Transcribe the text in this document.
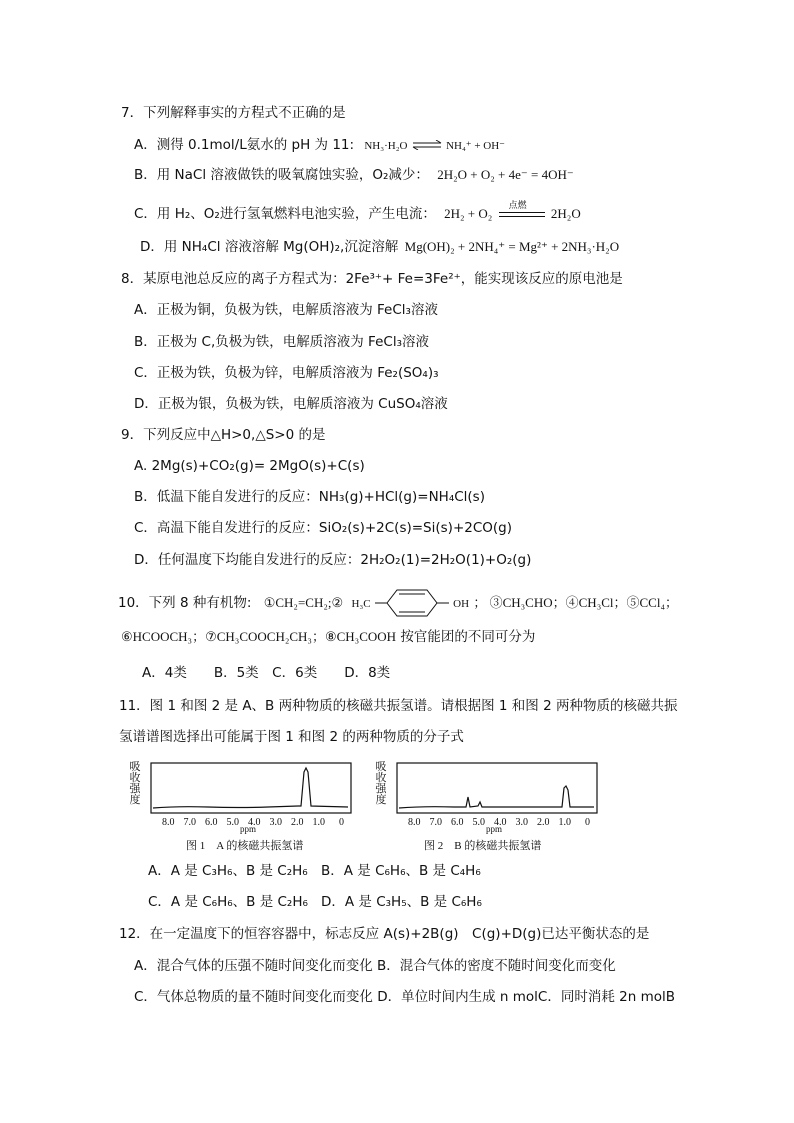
7．下列解释事实的方程式不正确的是
A．测得 0.1mol/L氨水的 pH 为 11: NH₃·H₂O ⇌ NH₄⁺ + OH⁻
B．用 NaCl 溶液做铁的吸氧腐蚀实验，O₂减少： 2H₂O + O₂ + 4e⁻ = 4OH⁻
C．用 H₂、O₂进行氢氧燃料电池实验，产生电流： 2H₂ + O₂
点燃
2H₂O
D．用 NH₄Cl 溶液溶解 Mg(OH)₂,沉淀溶解 Mg(OH)₂ + 2NH₄⁺ = Mg²⁺ + 2NH₃·H₂O
8．某原电池总反应的离子方程式为：2Fe³⁺+ Fe=3Fe²⁺，能实现该反应的原电池是
A．正极为铜，负极为铁，电解质溶液为 FeCl₃溶液
B．正极为 C,负极为铁，电解质溶液为 FeCl₃溶液
C．正极为铁，负极为锌，电解质溶液为 Fe₂(SO₄)₃
D．正极为银，负极为铁，电解质溶液为 CuSO₄溶液
9．下列反应中△H>0,△S>0 的是
A. 2Mg(s)+CO₂(g)= 2MgO(s)+C(s)
B．低温下能自发进行的反应：NH₃(g)+HCl(g)=NH₄Cl(s)
C．高温下能自发进行的反应：SiO₂(s)+2C(s)=Si(s)+2CO(g)
D．任何温度下均能自发进行的反应：2H₂O₂(1)=2H₂O(1)+O₂(g)
10．下列 8 种有机物: ①CH₂=CH₂;② H₃C	OH ； ③CH₃CHO；④CH₃Cl；⑤CCl₄；
⑥HCOOCH₃；⑦CH₃COOCH₂CH₃；⑧CH₃COOH 按官能团的不同可分为
A．4类　　B．5类　C．6类　　D．8类
11．图 1 和图 2 是 A、B 两种物质的核磁共振氢谱。请根据图 1 和图 2 两种物质的核磁共振
氢谱谱图选择出可能属于图 1 和图 2 的两种物质的分子式
吸
收
强
度
8.0 7.0 6.0 5.0 4.0 3.0 2.0 1.0 0
ppm
图 1　A 的核磁共振氢谱
吸
收
强
度
8.0 7.0 6.0 5.0 4.0 3.0 2.0 1.0 0
ppm
图 2　B 的核磁共振氢谱
A．A 是 C₃H₆、B 是 C₂H₆ B．A 是 C₆H₆、B 是 C₄H₆
C．A 是 C₆H₆、B 是 C₂H₆ D．A 是 C₃H₅、B 是 C₆H₆
12．在一定温度下的恒容容器中，标志反应 A(s)+2B(g)　C(g)+D(g)已达平衡状态的是
A．混合气体的压强不随时间变化而变化 B．混合气体的密度不随时间变化而变化
C．气体总物质的量不随时间变化而变化 D．单位时间内生成 n molC．同时消耗 2n molB
